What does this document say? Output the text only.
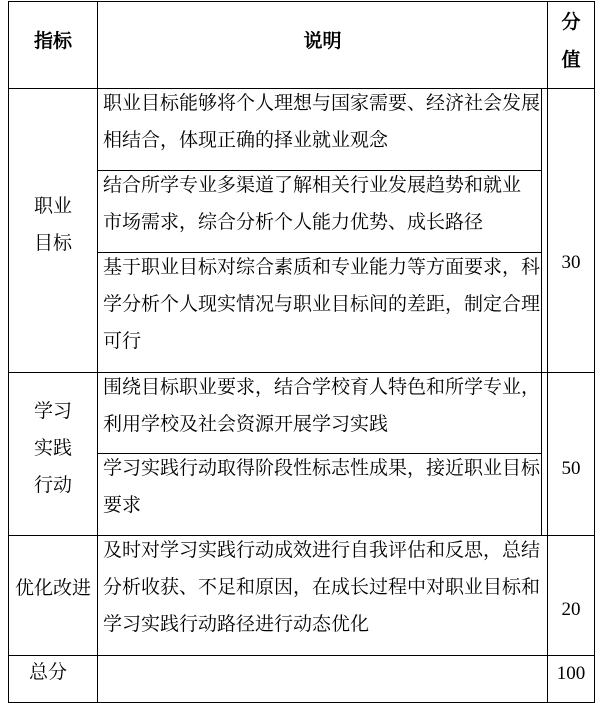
指标	说明
分
值
职业
目标
职业目标能够将个人理想与国家需要、经济社会发展
相结合，体现正确的择业就业观念
结合所学专业多渠道了解相关行业发展趋势和就业
市场需求，综合分析个人能力优势、成长路径
基于职业目标对综合素质和专业能力等方面要求，科
学分析个人现实情况与职业目标间的差距，制定合理
可行
30
学习
实践
行动
围绕目标职业要求，结合学校育人特色和所学专业，
利用学校及社会资源开展学习实践
学习实践行动取得阶段性标志性成果，接近职业目标
要求
50
优化改进
及时对学习实践行动成效进行自我评估和反思，总结
分析收获、不足和原因，在成长过程中对职业目标和
学习实践行动路径进行动态优化
20
总分	100
